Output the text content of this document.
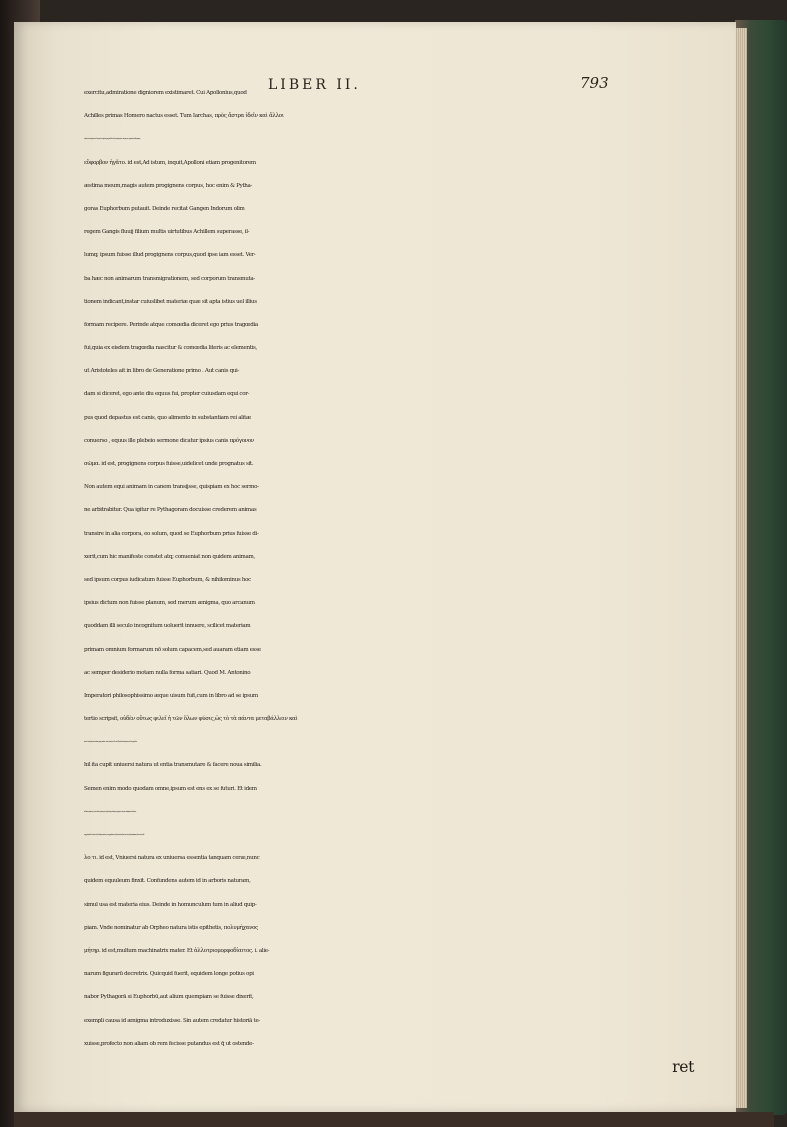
LIBER II.	793
exercitu,admiratione digniorem existimaret. Cui Apollonius,quod
Achilles primas Homero nactus esset. Tum Iarchas, πρὸς ἄστρα ἰδεῖν καὶ ἄλλοι
νὴ καὶ τὸν πρόγονον θεωρεῖ τὸν ἡμέτερον,μᾶλλον δὲ,τὸ πρόγονον σῶμα,τοτὶ γὰρ καὶ πυθαγόρας,
εὔφορβον ἡγᾶτο. id est,Ad istum, inquit,Apolloni etiam progenitorem
æstima meum,magis autem progignens corpus, hoc enim & Pytha-
goras Euphorbum putauit. Deinde recitat Gangen Indorum olim
regem Gangis fluuij filium multis uirtutibus Achillem superasse, il-
lumq; ipsum fuisse illud progignens corpus,quod ipse iam esset. Ver-
ba hæc non animarum transmigrationem, sed corporum transmuta-
tionem indicant,instar cuiuslibet materiæ quæ sit apta istius uel illius
formam recipere. Perinde atque comœdia diceret ego prius tragœdia
fui,quia ex eisdem tragœdia nascitur & comœdia literis ac elementis,
ut Aristoteles ait in libro de Generatione primo . Aut canis qui-
dam si diceret, ego ante diu equus fui, propter cuiusdam equi cor-
pus quod depastus est canis, quo alimento in substantiam rei alitæ
conuerso , equus ille plebeio sermone dicatur ipsius canis πρόγονον
σῶμα. id est, progignens corpus fuisse,uidelicet unde prognatus sit.
Non autem equi animam in canem transijsse, quispiam ex hoc sermo-
ne arbitrabitur. Qua igitur re Pythagoram docuisse crederem animas
transire in alia corpora, eo solum, quod se Euphorbum prius fuisse di-
xerit,cum hic manifeste constet atq; conueniat non quidem animam,
sed ipsum corpus iudicatum fuisse Euphorbum, & nihilominus hoc
ipsius dictum non fuisse planum, sed merum ænigma, quo arcanum
quoddam illi seculo incognitum uoluerit innuere, scilicet materiam
primam omnium formarum nō solum capacem,sed auaram etiam esse
ac semper desiderio motam nulla forma satiari. Quod M. Antonino
Imperatori philosophissimo æque uisum fuit,cum in libro ad se ipsum
tertio scripsit, οὐδὲν οὕτως φιλεῖ ἡ τῶν ὅλων φύσις,ὡς τὸ τὰ πάντα μεταβάλλειν καὶ
ποιεῖν νέα ὅμοια. αὐτίκα γὰρ τρόπον τινὰ σπεῖρ τὸ ὄν τοῦ ἐξ αὐτοῦ ἐσομένου. id est,quod ni-
hil ita cupit uniuersi natura ut entia transmutare & facere noua similia.
Semen enim modo quodam omne,ipsum est ens ex se futuri. Et idem
in libro septimo, ἡ τῶν ὅλων φύσις,ἐκ τῆς ὅλης οὐσίας ὡς κηρὸν νῦν μὲν ἱππάριον ἔπλασε,
συγχέασα δὲ τοῦτο εἰς δένδρου φύσιν,συνεχρήσατο τῇ ὕλῃ αὐτοῦ,ἔπειτα εἰς ἀνθρωπάριον,ἔπειτα εἰς ἄλ
λο τι. id est, Vniuersi natura ex uniuersa essentia tanquam ceræ,nunc
quidem equuleum finxit. Confundens autem id in arboris naturam,
simul usa est materia eius. Deinde in homunculum tum in aliud quip-
piam. Vnde nominatur ab Orpheo natura istis epithetis, πολυμήχανος
μήτηρ. id est,multum machinatrix mater. Et ἀλλοτριομορφοδίαιτος. i. alie-
narum figurarū decretrix. Quicquid fuerit, equidem longe potius opi
nabor Pythagorā si Euphorbū,aut alium quempiam se fuisse dixerit,
exempli causa id ænigma introduxisse. Sin autem credatur historiā te-
xuisse,profecto non aliam ob rem fecisse putandus est q̄ ut ostende-
ret
